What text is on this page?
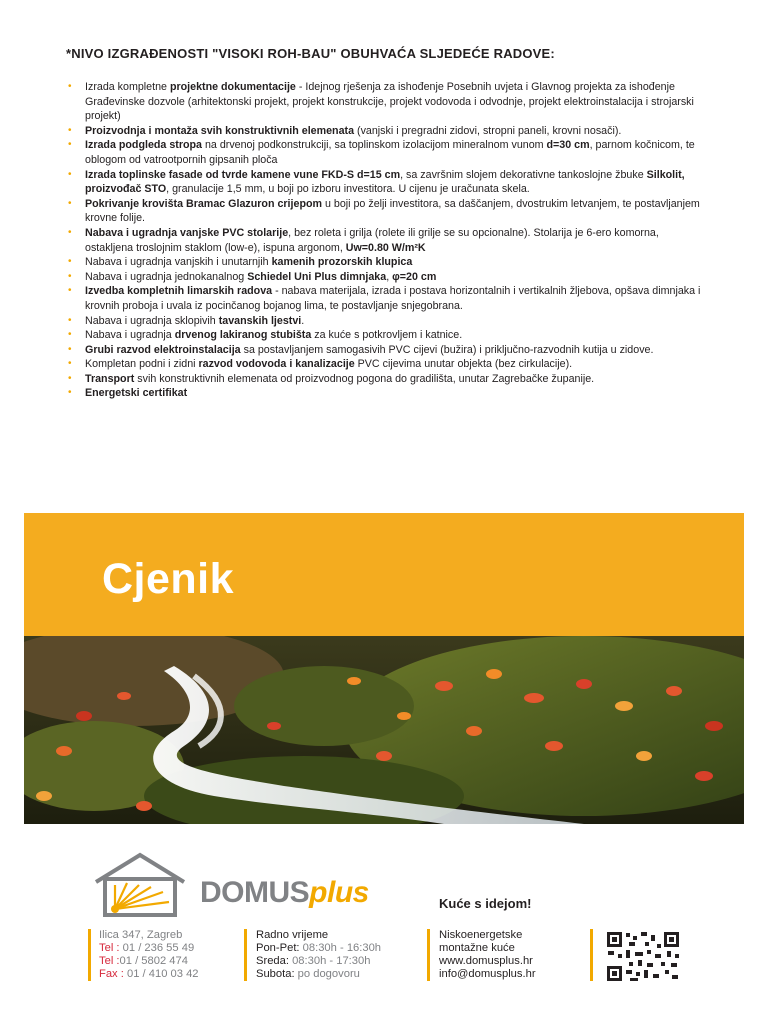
*NIVO IZGRAĐENOSTI "VISOKI ROH-BAU" OBUHVAĆA SLJEDEĆE RADOVE:
• Izrada kompletne projektne dokumentacije - Idejnog rješenja za ishođenje Posebnih uvjeta i Glavnog projekta za ishođenje Građevinske dozvole (arhitektonski projekt, projekt konstrukcije, projekt vodovoda i odvodnje, projekt elektroinstalacija i strojarski projekt)
• Proizvodnja i montaža svih konstruktivnih elemenata (vanjski i pregradni zidovi, stropni paneli, krovni nosači).
• Izrada podgleda stropa na drvenoj podkonstrukciji, sa toplinskom izolacijom mineralnom vunom d=30 cm, parnom kočnicom, te oblogom od vatrootpornih gipsanih ploča
• Izrada toplinske fasade od tvrde kamene vune FKD-S d=15 cm, sa završnim slojem dekorativne tankoslojne žbuke Silkolit, proizvođač STO, granulacije 1,5 mm, u boji po izboru investitora. U cijenu je uračunata skela.
• Pokrivanje krovišta Bramac Glazuron crijepom u boji po želji investitora, sa daščanjem, dvostrukim letvanjem, te postavljanjem krovne folije.
• Nabava i ugradnja vanjske PVC stolarije, bez roleta i grilja (rolete ili grilje se su opcionalne). Stolarija je 6-ero komorna, ostakljena troslojnim staklom (low-e), ispuna argonom, Uw=0.80 W/m²K
• Nabava i ugradnja vanjskih i unutarnjih kamenih prozorskih klupica
• Nabava i ugradnja jednokanalnog Schiedel Uni Plus dimnjaka, φ=20 cm
• Izvedba kompletnih limarskih radova - nabava materijala, izrada i postava horizontalnih i vertikalnih žljebova, opšava dimnjaka i krovnih proboja i uvala iz pocinčanog bojanog lima, te postavljanje snjegobrana.
• Nabava i ugradnja sklopivih tavanskih ljestvi.
• Nabava i ugradnja drvenog lakiranog stubišta za kuće s potkrovljem i katnice.
• Grubi razvod elektroinstalacija sa postavljanjem samogasivih PVC cijevi (bužira) i priključno-razvodnih kutija u zidove.
• Kompletan podni i zidni razvod vodovoda i kanalizacije PVC cijevima unutar objekta (bez cirkulacije).
• Transport svih konstruktivnih elemenata od proizvodnog pogona do gradilišta, unutar Zagrebačke županije.
• Energetski certifikat
Cjenik
DOMUSplus	Kuće s idejom!
Ilica 347, Zagreb
Tel : 01 / 236 55 49
Tel :01 / 5802 474
Fax : 01 / 410 03 42
Radno vrijeme
Pon-Pet: 08:30h - 16:30h
Sreda: 08:30h - 17:30h
Subota: po dogovoru
Niskoenergetske
montažne kuće
www.domusplus.hr
info@domusplus.hr
